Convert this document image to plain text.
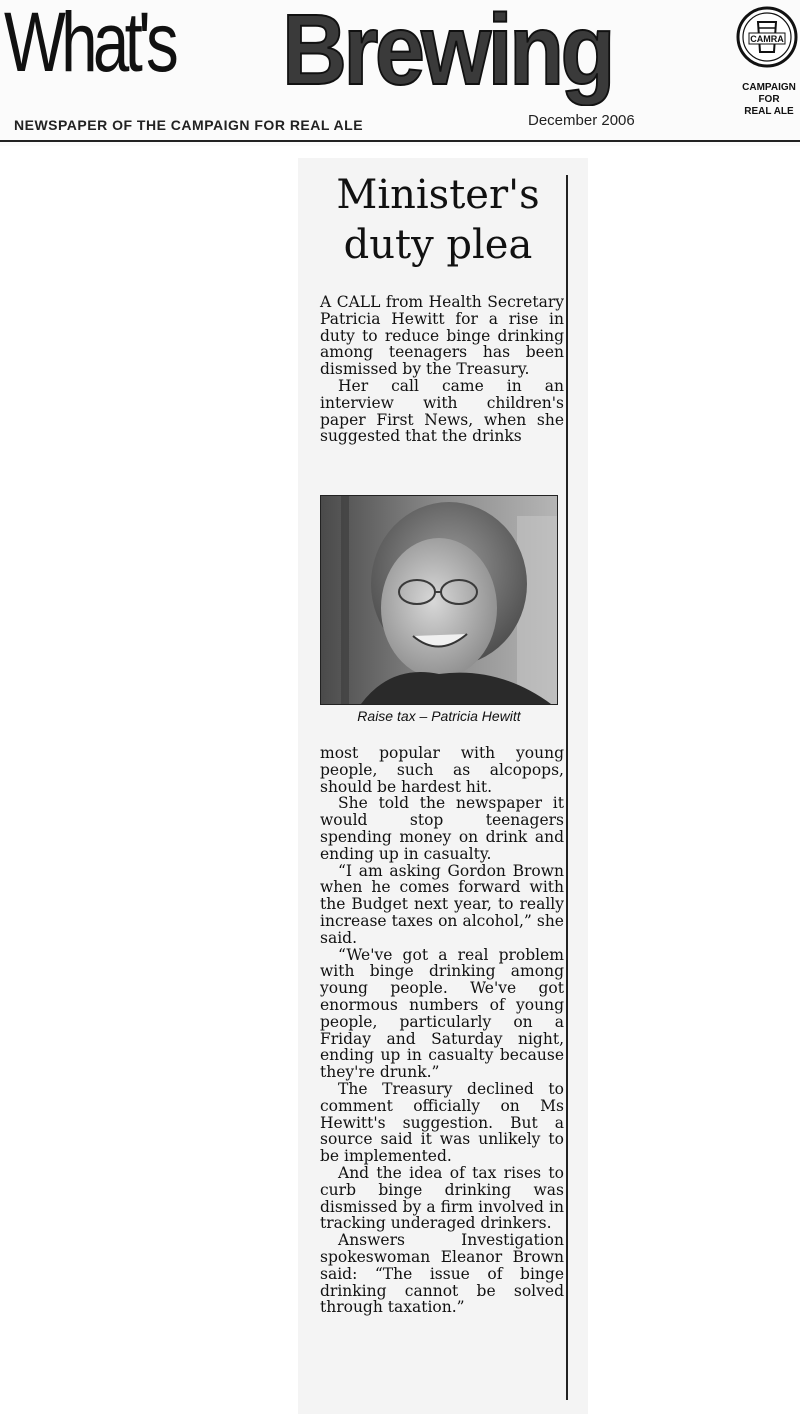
What's Brewing
NEWSPAPER OF THE CAMPAIGN FOR REAL ALE	December 2006
CAMRA
CAMPAIGN
FOR
REAL ALE
Minister's
duty plea

A CALL from Health Secretary Patricia Hewitt for a rise in duty to reduce binge drinking among teenagers has been dismissed by the Treasury.

Her call came in an interview with children's paper First News, when she suggested that the drinks

Raise tax – Patricia Hewitt

most popular with young people, such as alcopops, should be hardest hit.

She told the newspaper it would stop teenagers spending money on drink and ending up in casualty.

“I am asking Gordon Brown when he comes forward with the Budget next year, to really increase taxes on alcohol,” she said.

“We've got a real problem with binge drinking among young people. We've got enormous numbers of young people, particularly on a Friday and Saturday night, ending up in casualty because they're drunk.”

The Treasury declined to comment officially on Ms Hewitt's suggestion. But a source said it was unlikely to be implemented.

And the idea of tax rises to curb binge drinking was dismissed by a firm involved in tracking underaged drinkers.

Answers Investigation spokeswoman Eleanor Brown said: “The issue of binge drinking cannot be solved through taxation.”
